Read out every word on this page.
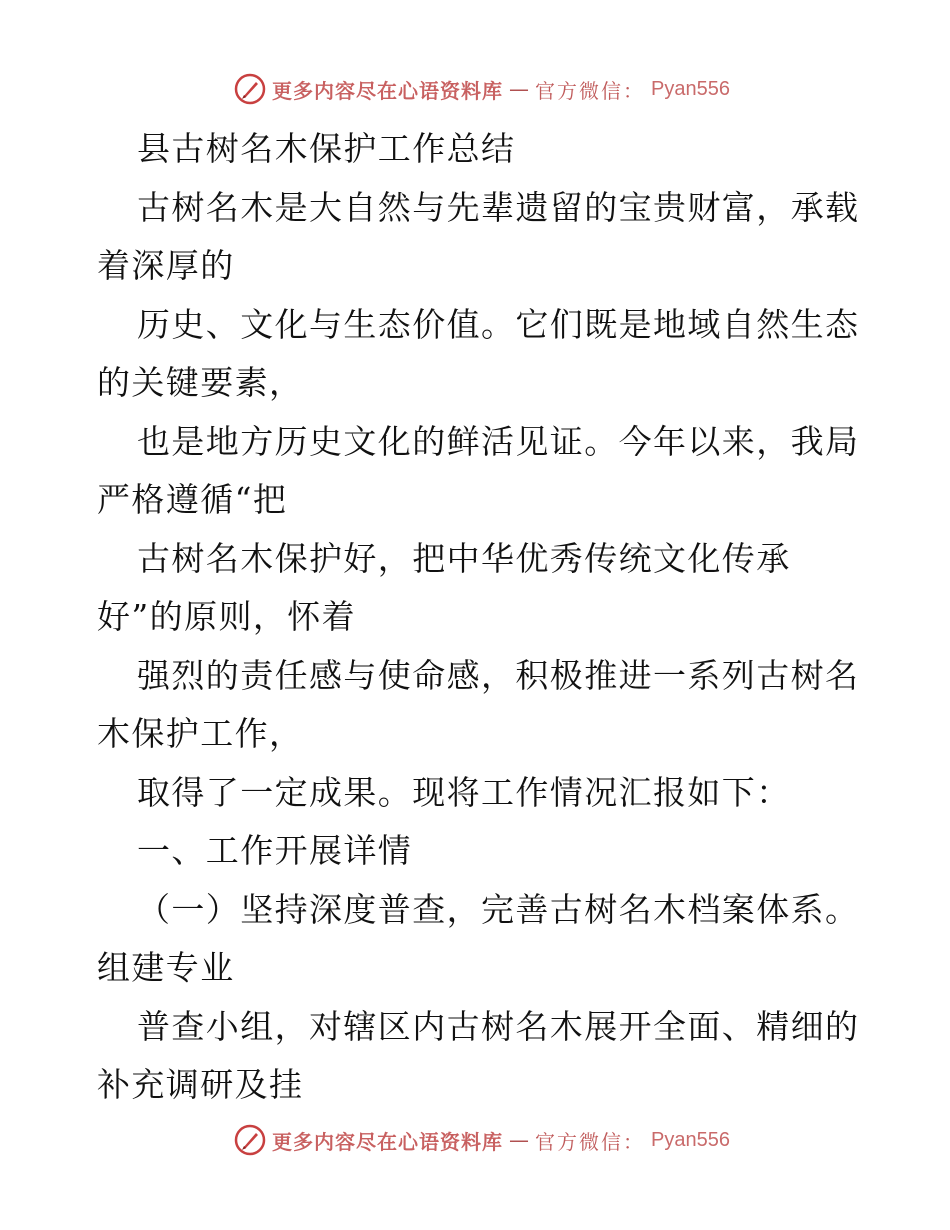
更多内容尽在心语资料库 — 官方微信： Pyan556
县古树名木保护工作总结
古树名木是大自然与先辈遗留的宝贵财富，承载
着深厚的
历史、文化与生态价值。它们既是地域自然生态
的关键要素，
也是地方历史文化的鲜活见证。今年以来，我局
严格遵循“把
古树名木保护好，把中华优秀传统文化传承
好”的原则，怀着
强烈的责任感与使命感，积极推进一系列古树名
木保护工作，
取得了一定成果。现将工作情况汇报如下：
一、工作开展详情
（一）坚持深度普查，完善古树名木档案体系。
组建专业
普查小组，对辖区内古树名木展开全面、精细的
补充调研及挂
更多内容尽在心语资料库 — 官方微信： Pyan556
